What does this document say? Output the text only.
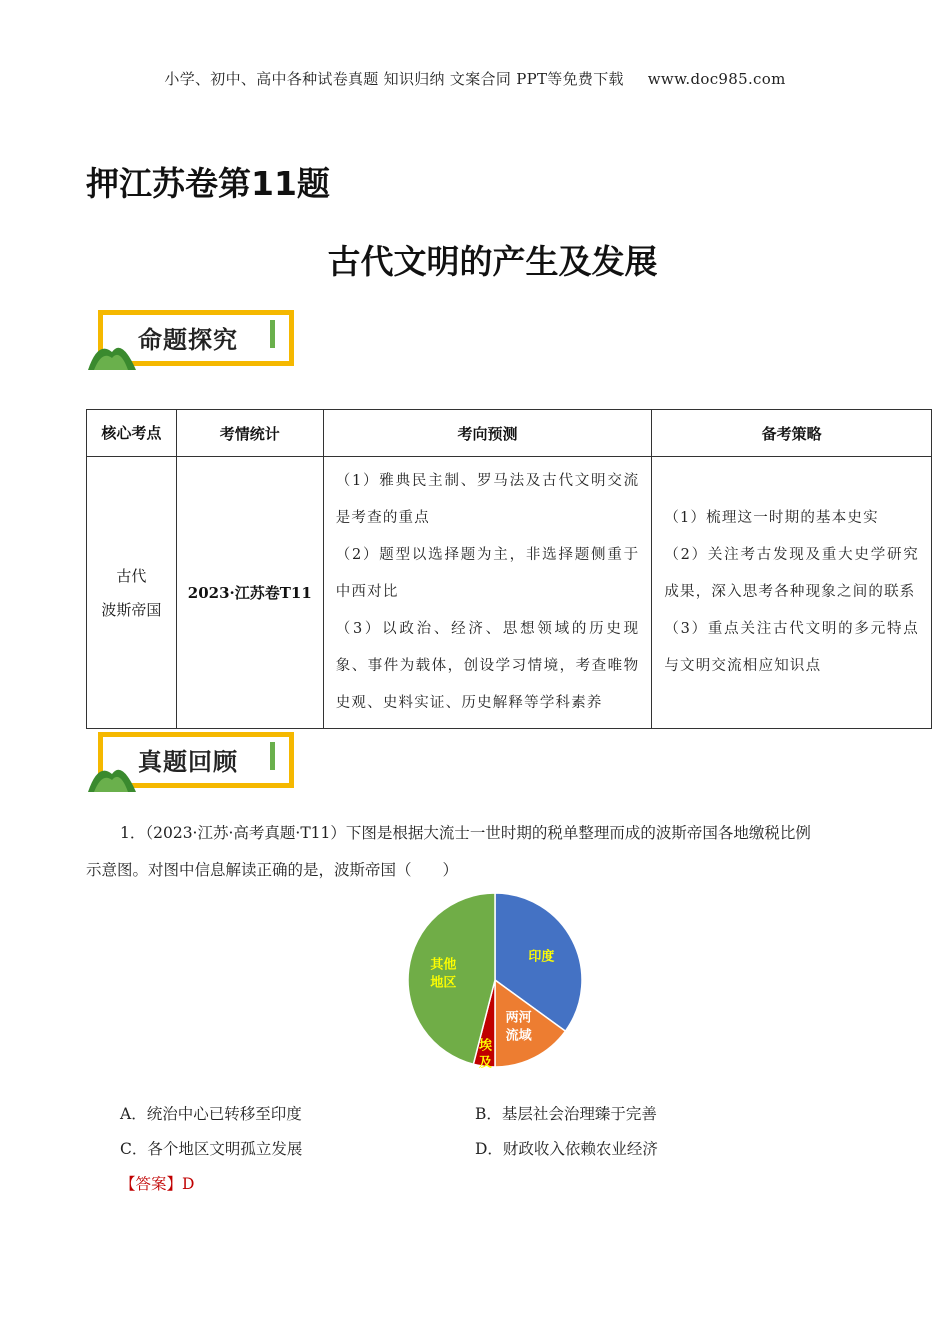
小学、初中、高中各种试卷真题 知识归纳 文案合同 PPT等免费下载 www.doc985.com
押江苏卷第11题
古代文明的产生及发展
命题探究
核心考点	考情统计	考向预测	备考策略
古代
波斯帝国	2023·江苏卷T11	（1）雅典民主制、罗马法及古代文明交流是考查的重点
（2）题型以选择题为主，非选择题侧重于中西对比
（3）以政治、经济、思想领域的历史现象、事件为载体，创设学习情境，考查唯物史观、史料实证、历史解释等学科素养	（1）梳理这一时期的基本史实
（2）关注考古发现及重大史学研究成果，深入思考各种现象之间的联系
（3）重点关注古代文明的多元特点与文明交流相应知识点
真题回顾
1．（2023·江苏·高考真题·T11）下图是根据大流士一世时期的税单整理而成的波斯帝国各地缴税比例
示意图。对图中信息解读正确的是，波斯帝国（　　）
印度
两河流域
埃及
其他地区
A．统治中心已转移至印度	B．基层社会治理臻于完善
C．各个地区文明孤立发展	D．财政收入依赖农业经济
【答案】D
